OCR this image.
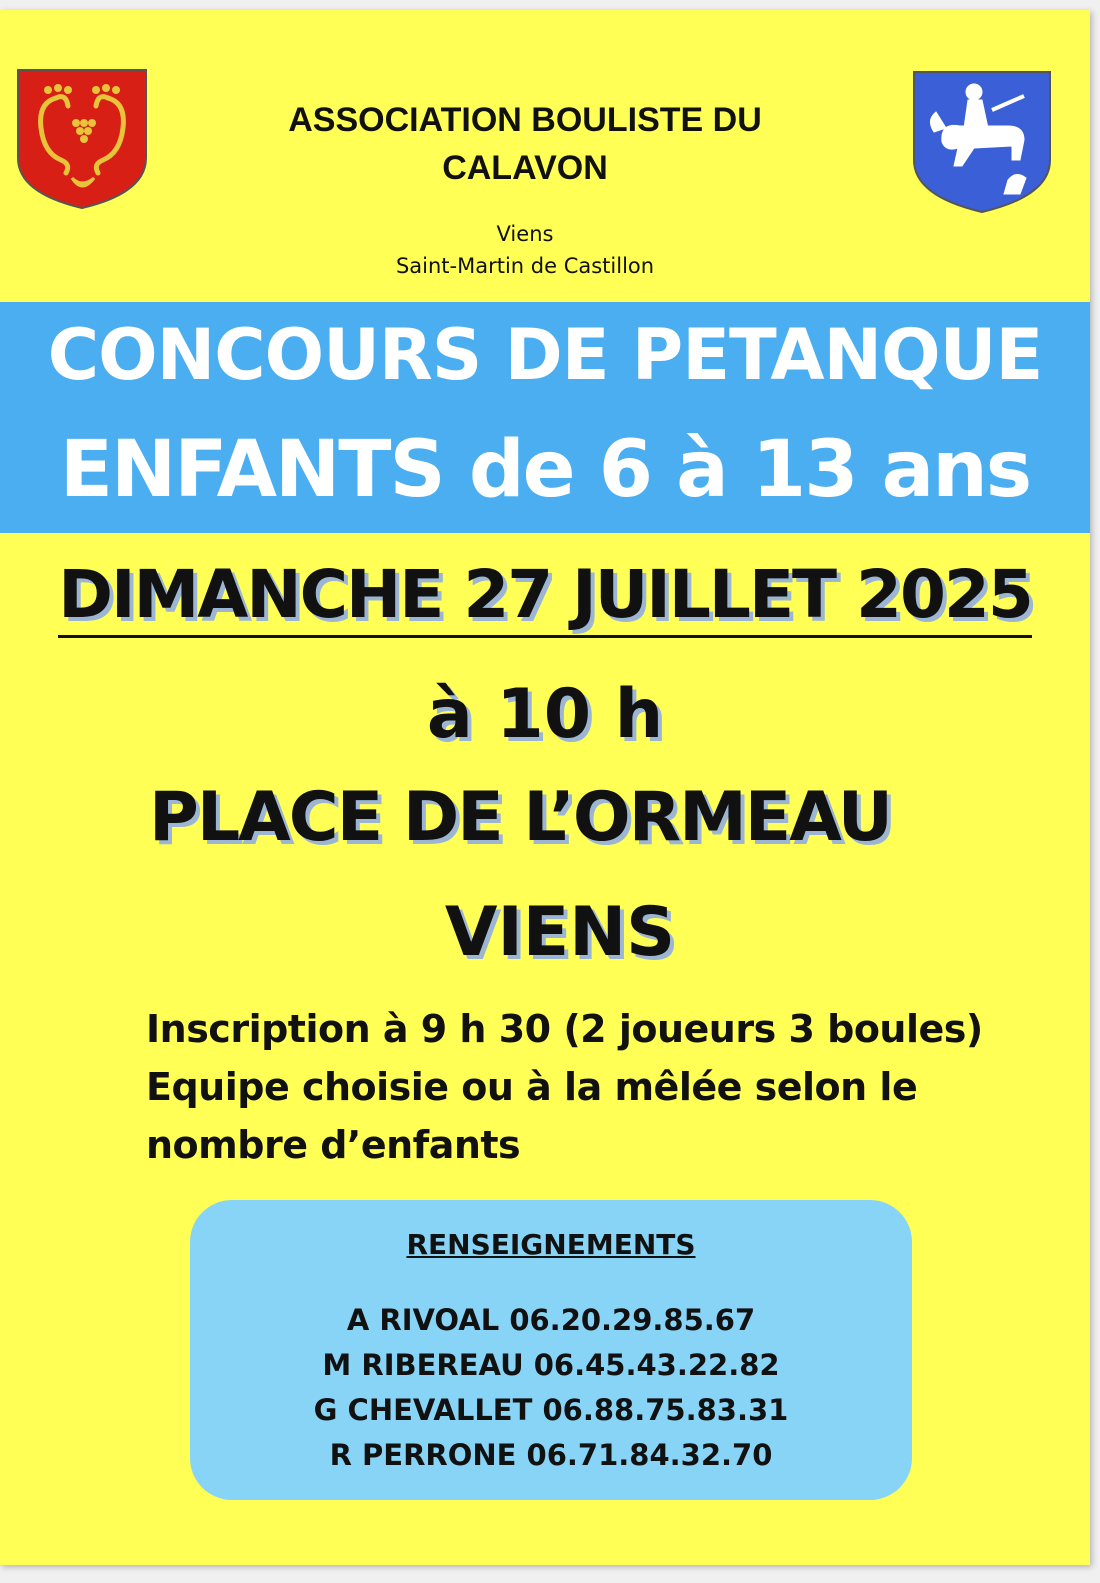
ASSOCIATION BOULISTE DU
CALAVON
Viens
Saint-Martin de Castillon
CONCOURS DE PETANQUE
ENFANTS de 6 à 13 ans
DIMANCHE 27 JUILLET 2025
à 10 h
PLACE DE L’ORMEAU
VIENS
Inscription à 9 h 30 (2 joueurs 3 boules)
Equipe choisie ou à la mêlée selon le
nombre d’enfants
RENSEIGNEMENTS
A RIVOAL 06.20.29.85.67
M RIBEREAU 06.45.43.22.82
G CHEVALLET 06.88.75.83.31
R PERRONE 06.71.84.32.70
